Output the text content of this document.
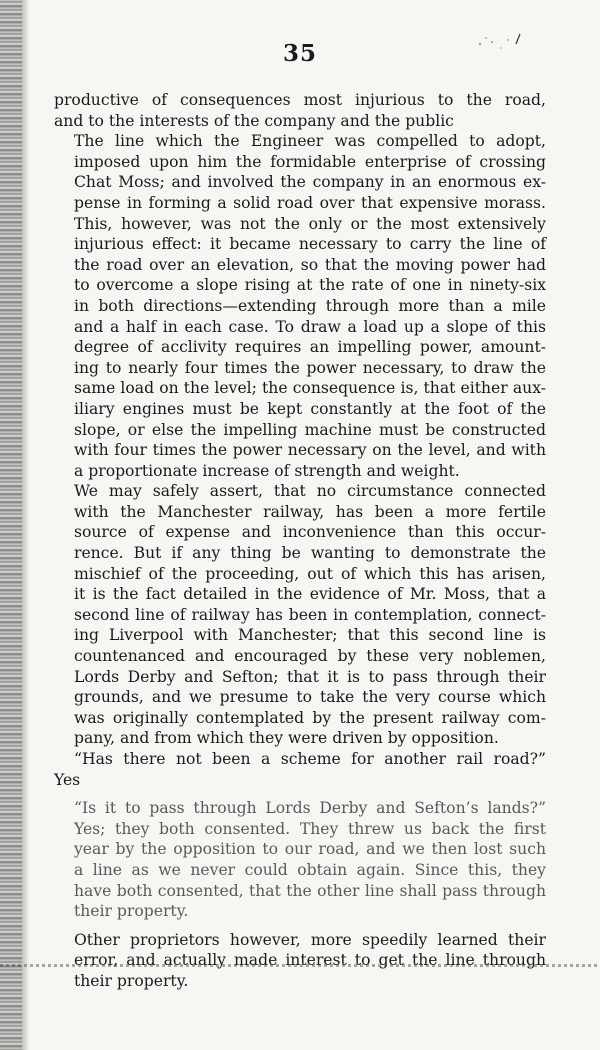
35

productive of consequences most injurious to the road,
and to the interests of the company and the public

The line which the Engineer was compelled to adopt,
imposed upon him the formidable enterprise of crossing
Chat Moss; and involved the company in an enormous ex-
pense in forming a solid road over that expensive morass.
This, however, was not the only or the most extensively
injurious effect: it became necessary to carry the line of
the road over an elevation, so that the moving power had
to overcome a slope rising at the rate of one in ninety-six
in both directions—extending through more than a mile
and a half in each case. To draw a load up a slope of this
degree of acclivity requires an impelling power, amount-
ing to nearly four times the power necessary, to draw the
same load on the level; the consequence is, that either aux-
iliary engines must be kept constantly at the foot of the
slope, or else the impelling machine must be constructed
with four times the power necessary on the level, and with
a proportionate increase of strength and weight.

We may safely assert, that no circumstance connected
with the Manchester railway, has been a more fertile
source of expense and inconvenience than this occur-
rence. But if any thing be wanting to demonstrate the
mischief of the proceeding, out of which this has arisen,
it is the fact detailed in the evidence of Mr. Moss, that a
second line of railway has been in contemplation, connect-
ing Liverpool with Manchester; that this second line is
countenanced and encouraged by these very noblemen,
Lords Derby and Sefton; that it is to pass through their
grounds, and we presume to take the very course which
was originally contemplated by the present railway com-
pany, and from which they were driven by opposition.

“Has there not been a scheme for another rail road?”

Yes

“Is it to pass through Lords Derby and Sefton’s lands?”
Yes; they both consented. They threw us back the first
year by the opposition to our road, and we then lost such
a line as we never could obtain again. Since this, they
have both consented, that the other line shall pass through
their property.

Other proprietors however, more speedily learned their
error, and actually made interest to get the line through
their property.
